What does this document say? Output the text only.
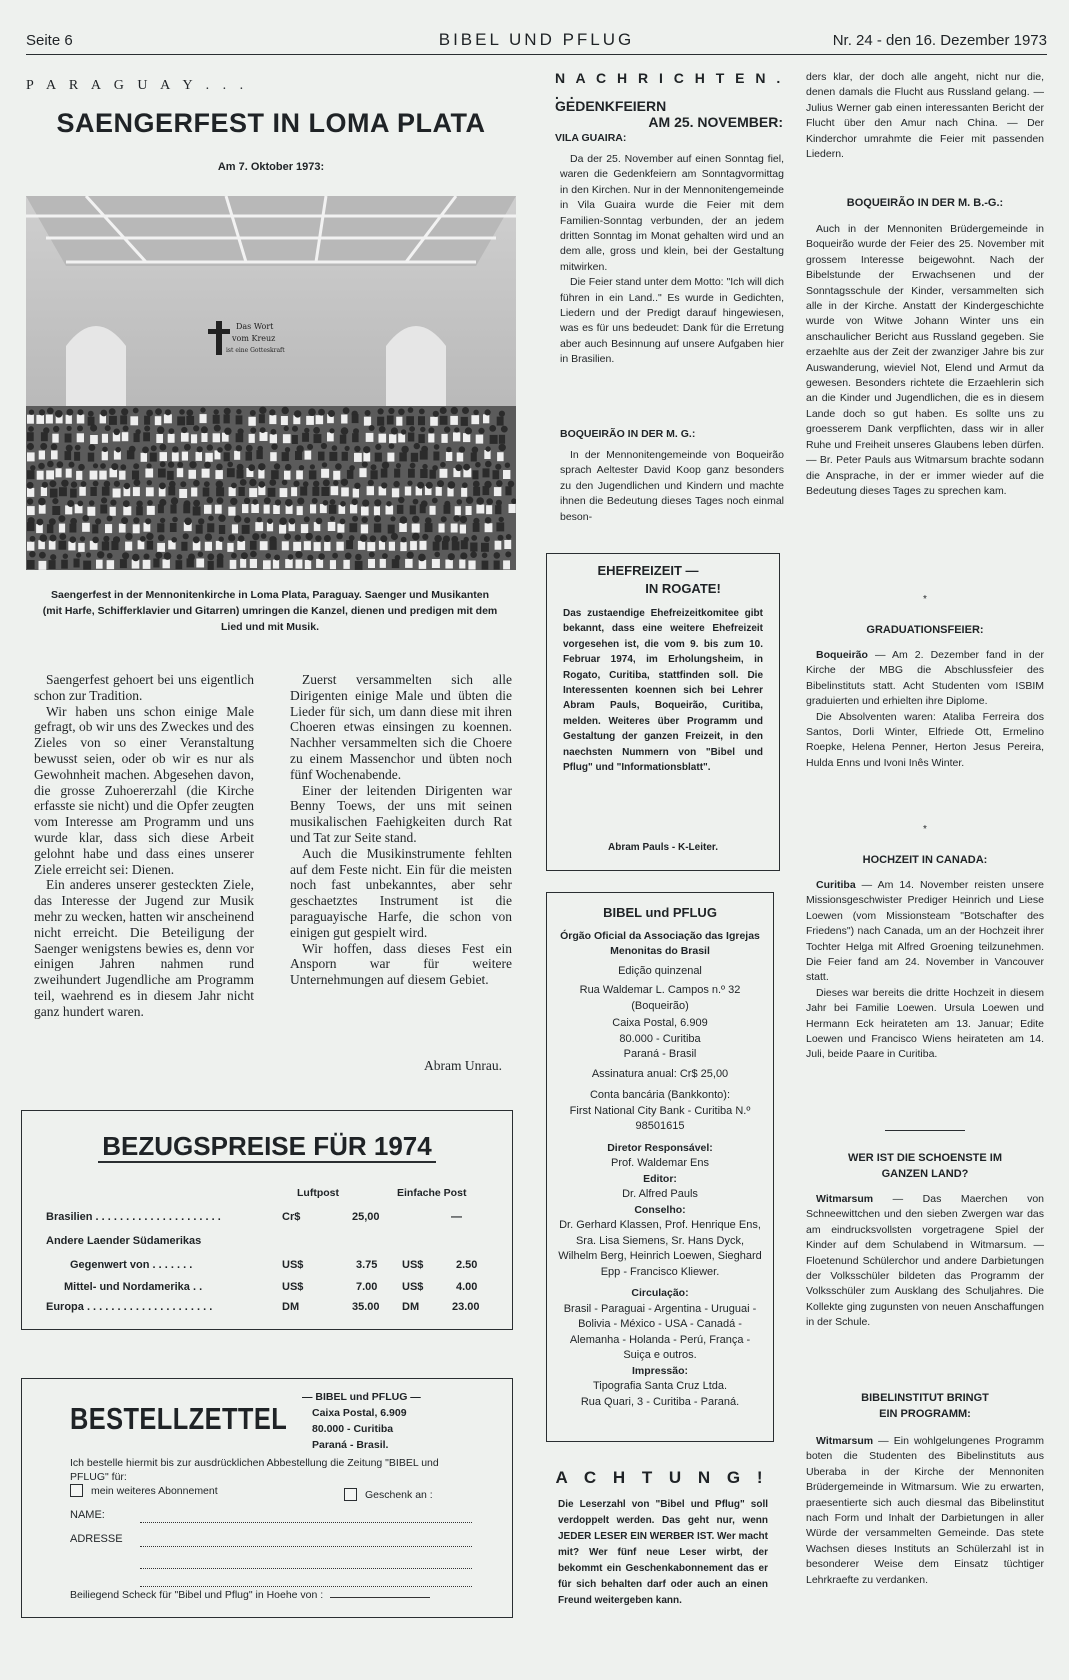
Seite 6	BIBEL UND PFLUG	Nr. 24 - den 16. Dezember 1973
P A R A G U A Y . . .
SAENGERFEST IN LOMA PLATA
Am 7. Oktober 1973:
Das Wort
vom Kreuz
ist eine Gotteskraft
Saengerfest in der Mennonitenkirche in Loma Plata, Paraguay. Saenger und Musikanten (mit Harfe, Schifferklavier und Gitarren) umringen die Kanzel, dienen und predigen mit dem Lied und mit Musik.

Saengerfest gehoert bei uns eigentlich schon zur Tradition.

Wir haben uns schon einige Male gefragt, ob wir uns des Zweckes und des Zieles von so einer Veranstaltung bewusst seien, oder ob wir es nur als Gewohnheit machen. Abgesehen davon, die grosse Zuhoererzahl (die Kirche erfasste sie nicht) und die Opfer zeugten vom Interesse am Programm und uns wurde klar, dass sich diese Arbeit gelohnt habe und dass eines unserer Ziele erreicht sei: Dienen.

Ein anderes unserer gesteckten Ziele, das Interesse der Jugend zur Musik mehr zu wecken, hatten wir anscheinend nicht erreicht. Die Beteiligung der Saenger wenigstens bewies es, denn vor einigen Jahren nahmen rund zweihundert Jugendliche am Programm teil, waehrend es in diesem Jahr nicht ganz hundert waren.

Zuerst versammelten sich alle Dirigenten einige Male und übten die Lieder für sich, um dann diese mit ihren Choeren etwas einsingen zu koennen. Nachher versammelten sich die Choere zu einem Massenchor und übten noch fünf Wochenabende.

Einer der leitenden Dirigenten war Benny Toews, der uns mit seinen musikalischen Faehigkeiten durch Rat und Tat zur Seite stand.

Auch die Musikinstrumente fehlten auf dem Feste nicht. Ein für die meisten noch fast unbekanntes, aber sehr geschaetztes Instrument ist die paraguayische Harfe, die schon von einigen gut gespielt wird.

Wir hoffen, dass dieses Fest ein Ansporn war für weitere Unternehmungen auf diesem Gebiet.

Abram Unrau.
BEZUGSPREISE FÜR 1974
Luftpost	Einfache Post
Brasilien . . . . . . . . . . . . . . . . . . . . .	Cr$	25,00	—
Andere Laender Südamerikas
Gegenwert von . . . . . . .	US$	3.75 US$	2.50
Mittel- und Nordamerika . .	US$	7.00 US$	4.00
Europa . . . . . . . . . . . . . . . . . . . . .	DM	35.00 DM	23.00
BESTELLZETTEL
— BIBEL und PFLUG —
Caixa Postal, 6.909
80.000 - Curitiba
Paraná - Brasil.
Ich bestelle hiermit bis zur ausdrücklichen Abbestellung die Zeitung "BIBEL und PFLUG" für:
mein weiteres Abonnement	Geschenk an :
NAME:
ADRESSE
Beiliegend Scheck für "Bibel und Pflug" in Hoehe von :
N A C H R I C H T E N . . .
GEDENKFEIERN
AM 25. NOVEMBER:
VILA GUAIRA:

Da der 25. November auf einen Sonntag fiel, waren die Gedenkfeiern am Sonntagvormittag in den Kirchen. Nur in der Mennonitengemeinde in Vila Guaira wurde die Feier mit dem Familien-Sonntag verbunden, der an jedem dritten Sonntag im Monat gehalten wird und an dem alle, gross und klein, bei der Gestaltung mitwirken.

Die Feier stand unter dem Motto: "Ich will dich führen in ein Land.." Es wurde in Gedichten, Liedern und der Predigt darauf hingewiesen, was es für uns bedeudet: Dank für die Erretung aber auch Besinnung auf unsere Aufgaben hier in Brasilien.

BOQUEIRÃO IN DER M. G.:

In der Mennonitengemeinde von Boqueirão sprach Aeltester David Koop ganz besonders zu den Jugendlichen und Kindern und machte ihnen die Bedeutung dieses Tages noch einmal beson-

EHEFREIZEIT —
IN ROGATE!
Das zustaendige Ehefreizeitkomitee gibt bekannt, dass eine weitere Ehefreizeit vorgesehen ist, die vom 9. bis zum 10. Februar 1974, im Erholungsheim, in Rogato, Curitiba, stattfinden soll. Die Interessenten koennen sich bei Lehrer Abram Pauls, Boqueirão, Curitiba, melden. Weiteres über Programm und Gestaltung der ganzen Freizeit, in den naechsten Nummern von "Bibel und Pflug" und "Informationsblatt".
Abram Pauls - K-Leiter.
BIBEL und PFLUG
Órgão Oficial da Associação das Igrejas Menonitas do Brasil
Edição quinzenal
Rua Waldemar L. Campos n.º 32
(Boqueirão)
Caixa Postal, 6.909
80.000 - Curitiba
Paraná - Brasil
Assinatura anual: Cr$ 25,00
Conta bancária (Bankkonto):
First National City Bank - Curitiba N.º 98501615
Diretor Responsável:
Prof. Waldemar Ens
Editor:
Dr. Alfred Pauls
Conselho:
Dr. Gerhard Klassen, Prof. Henrique Ens, Sra. Lisa Siemens, Sr. Hans Dyck, Wilhelm Berg, Heinrich Loewen, Sieghard Epp - Francisco Kliewer.
Circulação:
Brasil - Paraguai - Argentina - Uruguai - Bolivia - México - USA - Canadá - Alemanha - Holanda - Perú, França - Suiça e outros.
Impressão:
Tipografia Santa Cruz Ltda.
Rua Quari, 3 - Curitiba - Paraná.
A C H T U N G !
Die Leserzahl von "Bibel und Pflug" soll verdoppelt werden. Das geht nur, wenn JEDER LESER EIN WERBER IST. Wer macht mit? Wer fünf neue Leser wirbt, der bekommt ein Geschenkabonnement das er für sich behalten darf oder auch an einen Freund weitergeben kann.
ders klar, der doch alle angeht, nicht nur die, denen damals die Flucht aus Russland gelang. — Julius Werner gab einen interessanten Bericht der Flucht über den Amur nach China. — Der Kinderchor umrahmte die Feier mit passenden Liedern.
BOQUEIRÃO IN DER M. B.-G.:

Auch in der Mennoniten Brüdergemeinde in Boqueirão wurde der Feier des 25. November mit grossem Interesse beigewohnt. Nach der Bibelstunde der Erwachsenen und der Sonntagsschule der Kinder, versammelten sich alle in der Kirche. Anstatt der Kindergeschichte wurde von Witwe Johann Winter uns ein anschaulicher Bericht aus Russland gegeben. Sie erzaehlte aus der Zeit der zwanziger Jahre bis zur Auswanderung, wieviel Not, Elend und Armut da gewesen. Besonders richtete die Erzaehlerin sich an die Kinder und Jugendlichen, die es in diesem Lande doch so gut haben. Es sollte uns zu groesserem Dank verpflichten, dass wir in aller Ruhe und Freiheit unseres Glaubens leben dürfen. — Br. Peter Pauls aus Witmarsum brachte sodann die Ansprache, in der er immer wieder auf die Bedeutung dieses Tages zu sprechen kam.

*
GRADUATIONSFEIER:

Boqueirão — Am 2. Dezember fand in der Kirche der MBG die Abschlussfeier des Bibelinstituts statt. Acht Studenten vom ISBIM graduierten und erhielten ihre Diplome.

Die Absolventen waren: Ataliba Ferreira dos Santos, Dorli Winter, Elfriede Ott, Ermelino Roepke, Helena Penner, Herton Jesus Pereira, Hulda Enns und Ivoni Inês Winter.

*
HOCHZEIT IN CANADA:

Curitiba — Am 14. November reisten unsere Missionsgeschwister Prediger Heinrich und Liese Loewen (vom Missionsteam "Botschafter des Friedens") nach Canada, um an der Hochzeit ihrer Tochter Helga mit Alfred Groening teilzunehmen. Die Feier fand am 24. November in Vancouver statt.

Dieses war bereits die dritte Hochzeit in diesem Jahr bei Familie Loewen. Ursula Loewen und Hermann Eck heirateten am 13. Januar; Edite Loewen und Francisco Wiens heirateten am 14. Juli, beide Paare in Curitiba.

WER IST DIE SCHOENSTE IM
GANZEN LAND?

Witmarsum — Das Maerchen von Schneewittchen und den sieben Zwergen war das am eindrucksvollsten vorgetragene Spiel der Kinder auf dem Schulabend in Witmarsum. — Floetenund Schülerchor und andere Darbietungen der Volksschüler bildeten das Programm der Volksschüler zum Ausklang des Schuljahres. Die Kollekte ging zugunsten von neuen Anschaffungen in der Schule.

BIBELINSTITUT BRINGT
EIN PROGRAMM:

Witmarsum — Ein wohlgelungenes Programm boten die Studenten des Bibelinstituts aus Uberaba in der Kirche der Mennoniten Brüdergemeinde in Witmarsum. Wie zu erwarten, praesentierte sich auch diesmal das Bibelinstitut nach Form und Inhalt der Darbietungen in aller Würde der versammelten Gemeinde. Das stete Wachsen dieses Instituts an Schülerzahl ist in besonderer Weise dem Einsatz tüchtiger Lehrkraefte zu verdanken.
